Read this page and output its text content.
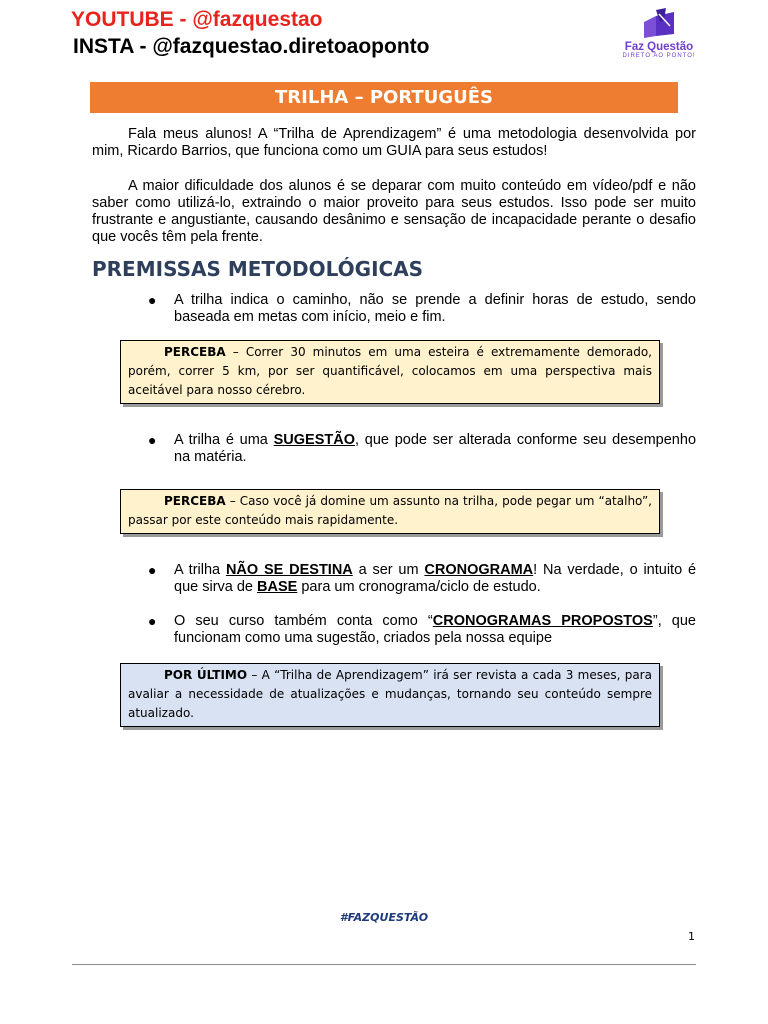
YOUTUBE - @fazquestao
INSTA - @fazquestao.diretoaoponto	Faz Questão
DIRETO AO PONTO!
TRILHA – PORTUGUÊS

Fala meus alunos! A “Trilha de Aprendizagem” é uma metodologia desenvolvida por mim, Ricardo Barrios, que funciona como um GUIA para seus estudos!

A maior dificuldade dos alunos é se deparar com muito conteúdo em vídeo/pdf e não saber como utilizá-lo, extraindo o maior proveito para seus estudos. Isso pode ser muito frustrante e angustiante, causando desânimo e sensação de incapacidade perante o desafio que vocês têm pela frente.

PREMISSAS METODOLÓGICAS
● A trilha indica o caminho, não se prende a definir horas de estudo, sendo baseada em metas com início, meio e fim.
PERCEBA – Correr 30 minutos em uma esteira é extremamente demorado, porém, correr 5 km, por ser quantificável, colocamos em uma perspectiva mais aceitável para nosso cérebro.
● A trilha é uma SUGESTÃO, que pode ser alterada conforme seu desempenho na matéria.
PERCEBA – Caso você já domine um assunto na trilha, pode pegar um “atalho”, passar por este conteúdo mais rapidamente.
● A trilha NÃO SE DESTINA a ser um CRONOGRAMA! Na verdade, o intuito é que sirva de BASE para um cronograma/ciclo de estudo.
● O seu curso também conta como “CRONOGRAMAS PROPOSTOS”, que funcionam como uma sugestão, criados pela nossa equipe
POR ÚLTIMO – A “Trilha de Aprendizagem” irá ser revista a cada 3 meses, para avaliar a necessidade de atualizações e mudanças, tornando seu conteúdo sempre atualizado.
#FAZQUESTÃO
1
